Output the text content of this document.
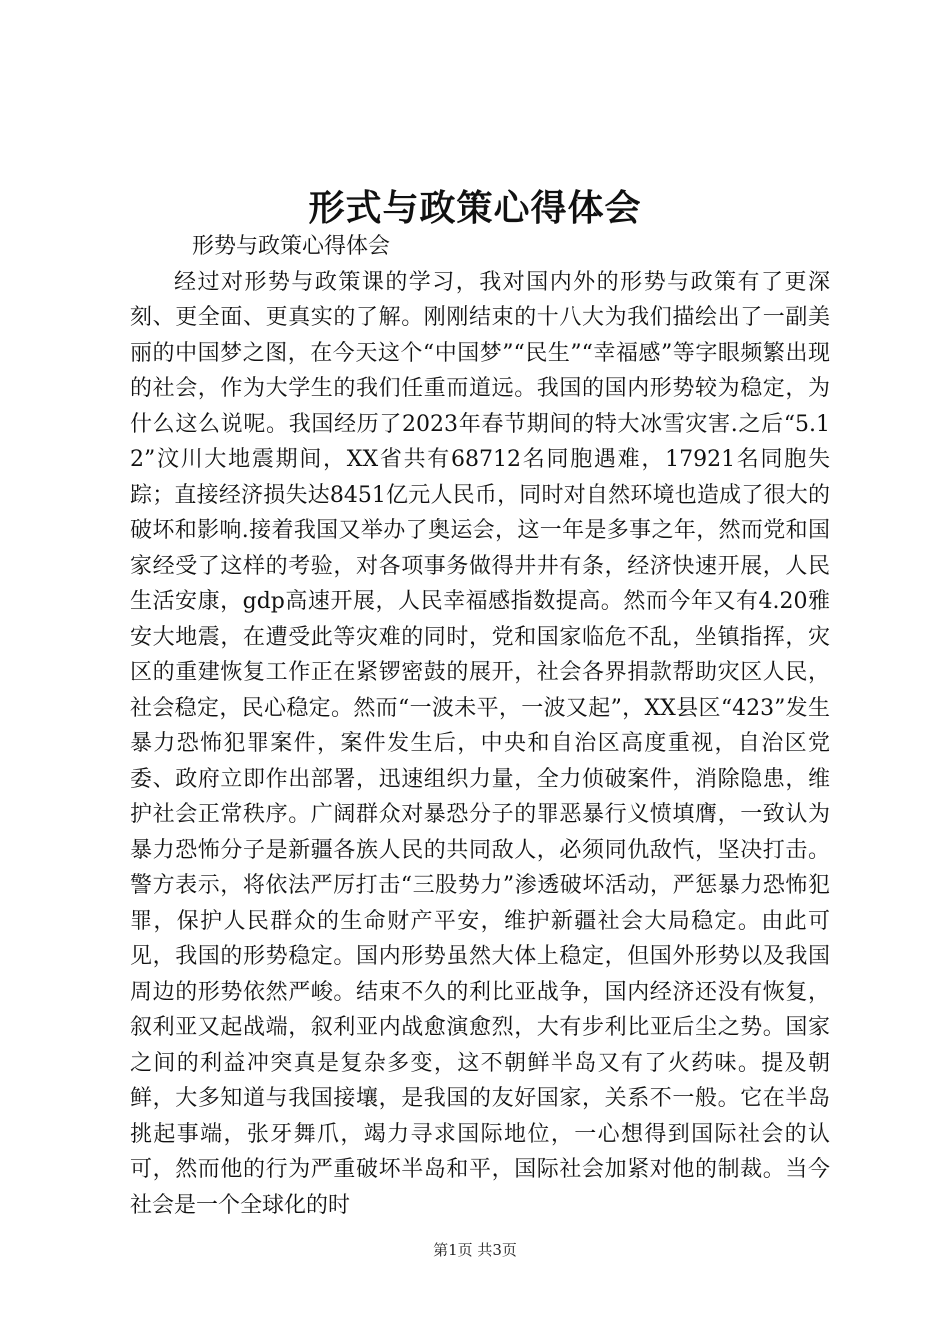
形式与政策心得体会

形势与政策心得体会

经过对形势与政策课的学习，我对国内外的形势与政策有了更深刻、更全面、更真实的了解。刚刚结束的十八大为我们描绘出了一副美丽的中国梦之图，在今天这个“中国梦”“民生”“幸福感”等字眼频繁出现的社会，作为大学生的我们任重而道远。我国的国内形势较为稳定，为什么这么说呢。我国经历了2023年春节期间的特大冰雪灾害.之后“5.12”汶川大地震期间，XX省共有68712名同胞遇难，17921名同胞失踪；直接经济损失达8451亿元人民币，同时对自然环境也造成了很大的破坏和影响.接着我国又举办了奥运会，这一年是多事之年，然而党和国家经受了这样的考验，对各项事务做得井井有条，经济快速开展，人民生活安康，gdp高速开展，人民幸福感指数提高。然而今年又有4.20雅安大地震，在遭受此等灾难的同时，党和国家临危不乱，坐镇指挥，灾区的重建恢复工作正在紧锣密鼓的展开，社会各界捐款帮助灾区人民，社会稳定，民心稳定。然而“一波未平，一波又起”，XX县区“423”发生暴力恐怖犯罪案件，案件发生后，中央和自治区高度重视，自治区党委、政府立即作出部署，迅速组织力量，全力侦破案件，消除隐患，维护社会正常秩序。广阔群众对暴恐分子的罪恶暴行义愤填膺，一致认为暴力恐怖分子是新疆各族人民的共同敌人，必须同仇敌忾，坚决打击。警方表示，将依法严厉打击“三股势力”渗透破坏活动，严惩暴力恐怖犯罪，保护人民群众的生命财产平安，维护新疆社会大局稳定。由此可见，我国的形势稳定。国内形势虽然大体上稳定，但国外形势以及我国周边的形势依然严峻。结束不久的利比亚战争，国内经济还没有恢复，叙利亚又起战端，叙利亚内战愈演愈烈，大有步利比亚后尘之势。国家之间的利益冲突真是复杂多变，这不朝鲜半岛又有了火药味。提及朝鲜，大多知道与我国接壤，是我国的友好国家，关系不一般。它在半岛挑起事端，张牙舞爪，竭力寻求国际地位，一心想得到国际社会的认可，然而他的行为严重破坏半岛和平，国际社会加紧对他的制裁。当今社会是一个全球化的时

第1页 共3页
